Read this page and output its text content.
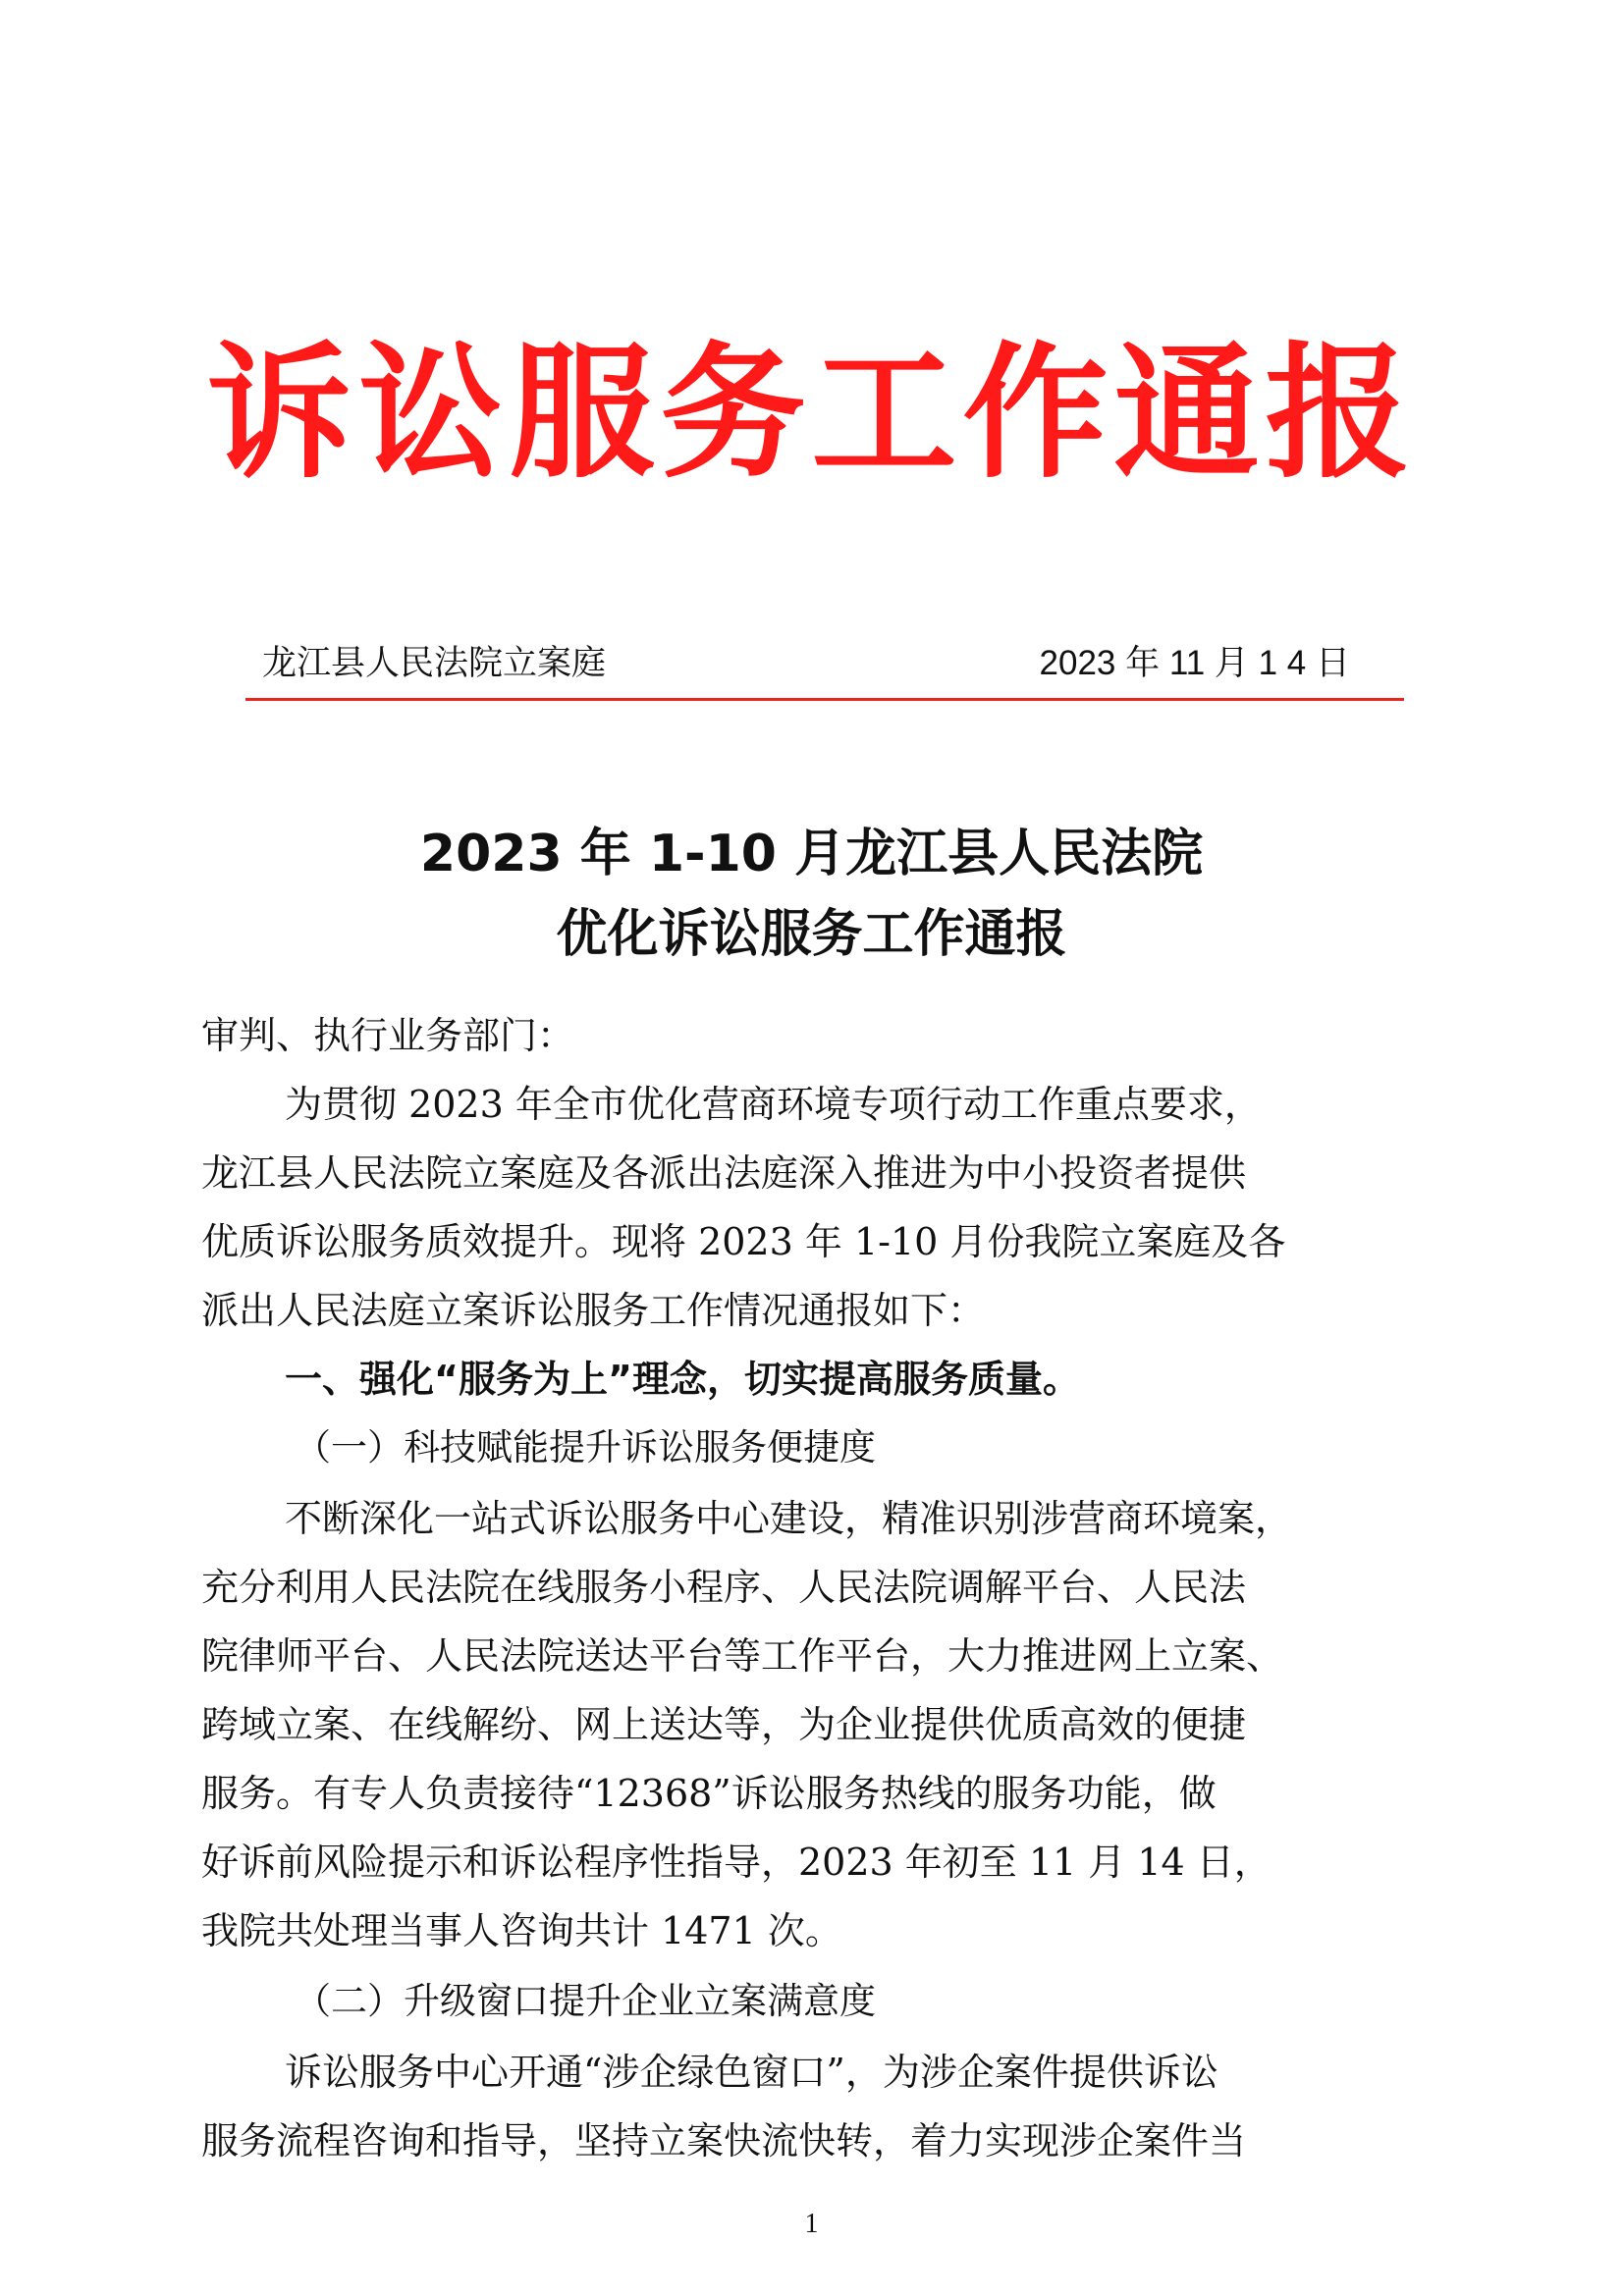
诉讼服务工作通报
龙江县人民法院立案庭	2023 年 11 月 1 4 日
2023 年 1-10 月龙江县人民法院
优化诉讼服务工作通报
审判、执行业务部门：
为贯彻 2023 年全市优化营商环境专项行动工作重点要求，
龙江县人民法院立案庭及各派出法庭深入推进为中小投资者提供
优质诉讼服务质效提升。现将 2023 年 1-10 月份我院立案庭及各
派出人民法庭立案诉讼服务工作情况通报如下：
一、强化“服务为上”理念，切实提高服务质量。
（一）科技赋能提升诉讼服务便捷度
不断深化一站式诉讼服务中心建设，精准识别涉营商环境案，
充分利用人民法院在线服务小程序、人民法院调解平台、人民法
院律师平台、人民法院送达平台等工作平台，大力推进网上立案、
跨域立案、在线解纷、网上送达等，为企业提供优质高效的便捷
服务。有专人负责接待“12368”诉讼服务热线的服务功能，做
好诉前风险提示和诉讼程序性指导，2023 年初至 11 月 14 日，
我院共处理当事人咨询共计 1471 次。
（二）升级窗口提升企业立案满意度
诉讼服务中心开通“涉企绿色窗口”，为涉企案件提供诉讼
服务流程咨询和指导，坚持立案快流快转，着力实现涉企案件当
1
